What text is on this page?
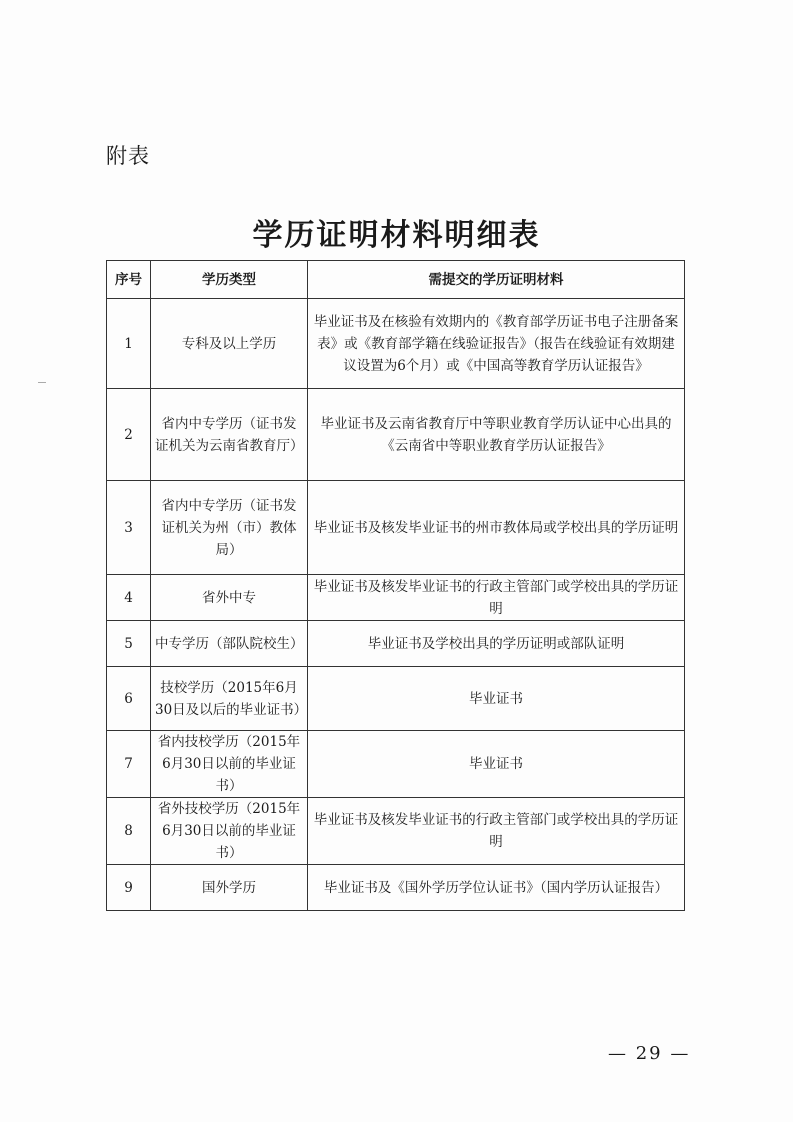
附表
学历证明材料明细表
序号	学历类型	需提交的学历证明材料
1	专科及以上学历	毕业证书及在核验有效期内的《教育部学历证书电子注册备案表》或《教育部学籍在线验证报告》（报告在线验证有效期建议设置为6个月）或《中国高等教育学历认证报告》
2	省内中专学历（证书发证机关为云南省教育厅）	毕业证书及云南省教育厅中等职业教育学历认证中心出具的《云南省中等职业教育学历认证报告》
3	省内中专学历（证书发证机关为州（市）教体局）	毕业证书及核发毕业证书的州市教体局或学校出具的学历证明
4	省外中专	毕业证书及核发毕业证书的行政主管部门或学校出具的学历证明
5	中专学历（部队院校生）	毕业证书及学校出具的学历证明或部队证明
6	技校学历（2015年6月30日及以后的毕业证书）	毕业证书
7	省内技校学历（2015年6月30日以前的毕业证书）	毕业证书
8	省外技校学历（2015年6月30日以前的毕业证书）	毕业证书及核发毕业证书的行政主管部门或学校出具的学历证明
9	国外学历	毕业证书及《国外学历学位认证书》（国内学历认证报告）
— 29 —
